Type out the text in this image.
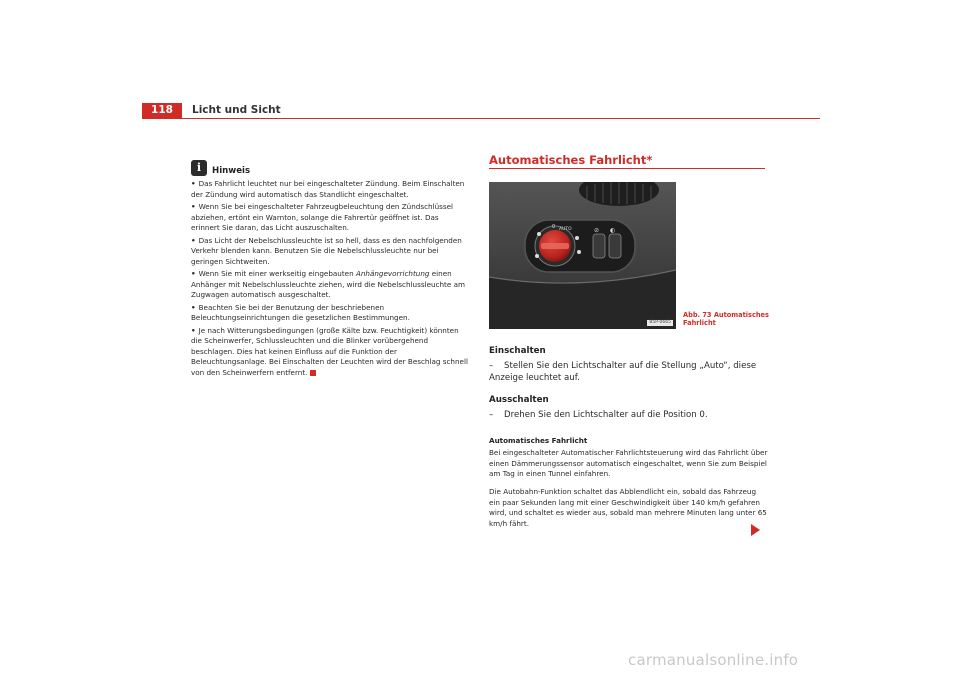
118	Licht und Sicht
i	Hinweis
• Das Fahrlicht leuchtet nur bei eingeschalteter Zündung. Beim Einschalten der Zündung wird automatisch das Standlicht eingeschaltet.
• Wenn Sie bei eingeschalteter Fahrzeugbeleuchtung den Zündschlüssel abziehen, ertönt ein Warnton, solange die Fahrertür geöffnet ist. Das erinnert Sie daran, das Licht auszuschalten.
• Das Licht der Nebelschlussleuchte ist so hell, dass es den nachfolgenden Verkehr blenden kann. Benutzen Sie die Nebelschlussleuchte nur bei geringen Sichtweiten.
• Wenn Sie mit einer werkseitig eingebauten Anhängevorrichtung einen Anhänger mit Nebelschlussleuchte ziehen, wird die Nebelschlussleuchte am Zugwagen automatisch ausgeschaltet.
• Beachten Sie bei der Benutzung der beschriebenen Beleuchtungseinrichtungen die gesetzlichen Bestimmungen.
• Je nach Witterungsbedingungen (große Kälte bzw. Feuchtigkeit) könnten die Scheinwerfer, Schlussleuchten und die Blinker vorübergehend beschlagen. Dies hat keinen Einfluss auf die Funktion der Beleuchtungsanlage. Bei Einschalten der Leuchten wird der Beschlag schnell von den Scheinwerfern entfernt.
Automatisches Fahrlicht*
AUTO
0	⊘ ◐
B5P-0665
Abb. 73 Automatisches Fahrlicht
Einschalten
– Stellen Sie den Lichtschalter auf die Stellung „Auto“, diese Anzeige leuchtet auf.
Ausschalten
– Drehen Sie den Lichtschalter auf die Position 0.
Automatisches Fahrlicht
Bei eingeschalteter Automatischer Fahrlichtsteuerung wird das Fahrlicht über einen Dämmerungssensor automatisch eingeschaltet, wenn Sie zum Beispiel am Tag in einen Tunnel einfahren.
Die Autobahn-Funktion schaltet das Abblendlicht ein, sobald das Fahrzeug ein paar Sekunden lang mit einer Geschwindigkeit über 140 km/h gefahren wird, und schaltet es wieder aus, sobald man mehrere Minuten lang unter 65 km/h fährt.
carmanualsonline.info
